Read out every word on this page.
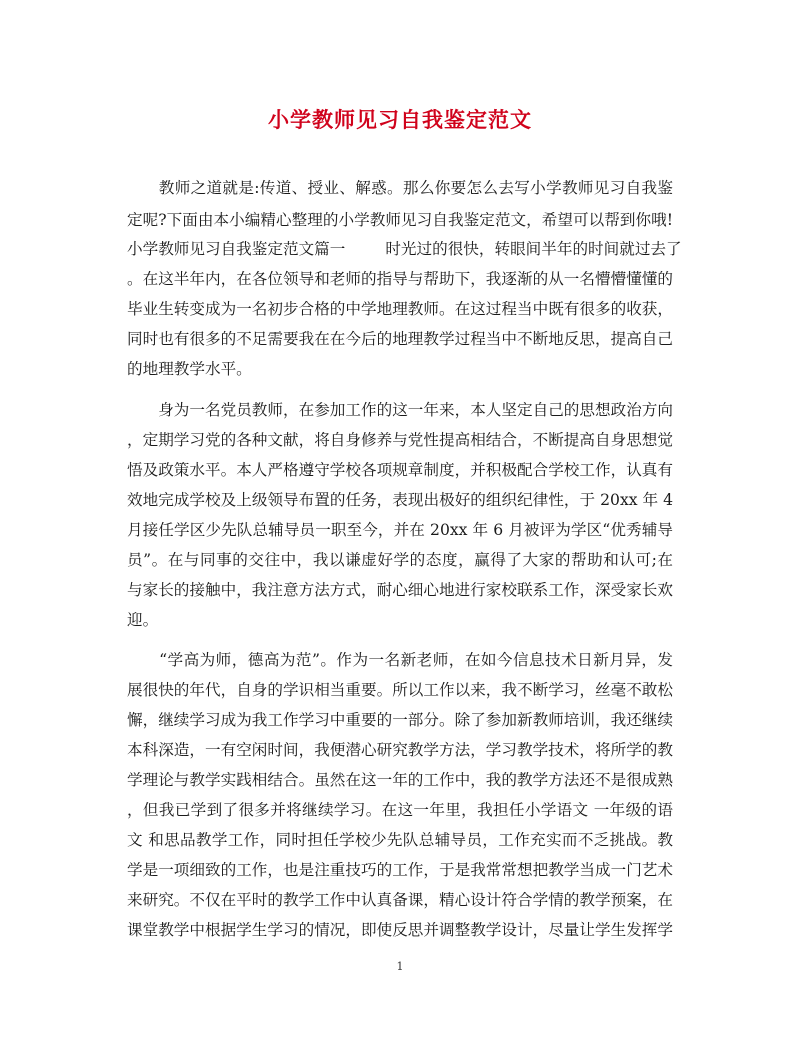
小学教师见习自我鉴定范文
　　教师之道就是:传道、授业、解惑。那么你要怎么去写小学教师见习自我鉴
定呢?下面由本小编精心整理的小学教师见习自我鉴定范文，希望可以帮到你哦!
小学教师见习自我鉴定范文篇一	时光过的很快，转眼间半年的时间就过去了
。在这半年内，在各位领导和老师的指导与帮助下，我逐渐的从一名懵懵懂懂的
毕业生转变成为一名初步合格的中学地理教师。在这过程当中既有很多的收获，
同时也有很多的不足需要我在在今后的地理教学过程当中不断地反思，提高自己
的地理教学水平。
　　身为一名党员教师，在参加工作的这一年来，本人坚定自己的思想政治方向
，定期学习党的各种文献，将自身修养与党性提高相结合，不断提高自身思想觉
悟及政策水平。本人严格遵守学校各项规章制度，并积极配合学校工作，认真有
效地完成学校及上级领导布置的任务，表现出极好的组织纪律性，于 20xx 年 4
月接任学区少先队总辅导员一职至今，并在 20xx 年 6 月被评为学区“优秀辅导
员”。在与同事的交往中，我以谦虚好学的态度，赢得了大家的帮助和认可;在
与家长的接触中，我注意方法方式，耐心细心地进行家校联系工作，深受家长欢
迎。
　　“学高为师，德高为范”。作为一名新老师，在如今信息技术日新月异，发
展很快的年代，自身的学识相当重要。所以工作以来，我不断学习，丝毫不敢松
懈，继续学习成为我工作学习中重要的一部分。除了参加新教师培训，我还继续
本科深造，一有空闲时间，我便潜心研究教学方法，学习教学技术，将所学的教
学理论与教学实践相结合。虽然在这一年的工作中，我的教学方法还不是很成熟
，但我已学到了很多并将继续学习。在这一年里，我担任小学语文 一年级的语
文 和思品教学工作，同时担任学校少先队总辅导员，工作充实而不乏挑战。教
学是一项细致的工作，也是注重技巧的工作，于是我常常想把教学当成一门艺术
来研究。不仅在平时的教学工作中认真备课，精心设计符合学情的教学预案，在
课堂教学中根据学生学习的情况，即使反思并调整教学设计，尽量让学生发挥学
1
